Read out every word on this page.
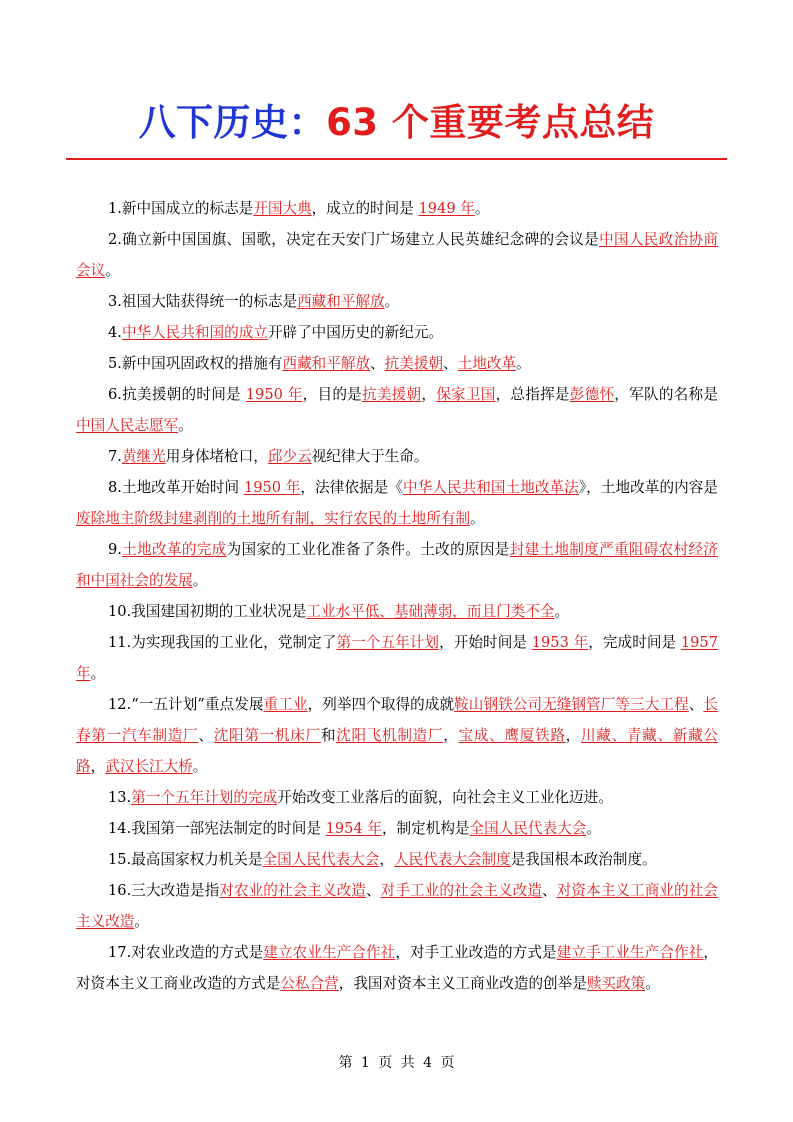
八下历史：63 个重要考点总结

1.新中国成立的标志是开国大典，成立的时间是 1949 年。

2.确立新中国国旗、国歌，决定在天安门广场建立人民英雄纪念碑的会议是中国人民政治协商会议。

3.祖国大陆获得统一的标志是西藏和平解放。

4.中华人民共和国的成立开辟了中国历史的新纪元。

5.新中国巩固政权的措施有西藏和平解放、抗美援朝、土地改革。

6.抗美援朝的时间是 1950 年，目的是抗美援朝，保家卫国，总指挥是彭德怀，军队的名称是中国人民志愿军。

7.黄继光用身体堵枪口，邱少云视纪律大于生命。

8.土地改革开始时间 1950 年，法律依据是《中华人民共和国土地改革法》，土地改革的内容是废除地主阶级封建剥削的土地所有制，实行农民的土地所有制。

9.土地改革的完成为国家的工业化准备了条件。土改的原因是封建土地制度严重阻碍农村经济和中国社会的发展。

10.我国建国初期的工业状况是工业水平低、基础薄弱，而且门类不全。

11.为实现我国的工业化，党制定了第一个五年计划，开始时间是 1953 年，完成时间是 1957 年。

12.“一五计划”重点发展重工业，列举四个取得的成就鞍山钢铁公司无缝钢管厂等三大工程、长春第一汽车制造厂、沈阳第一机床厂和沈阳飞机制造厂，宝成、鹰厦铁路，川藏、青藏、新藏公路，武汉长江大桥。

13.第一个五年计划的完成开始改变工业落后的面貌，向社会主义工业化迈进。

14.我国第一部宪法制定的时间是 1954 年，制定机构是全国人民代表大会。

15.最高国家权力机关是全国人民代表大会，人民代表大会制度是我国根本政治制度。

16.三大改造是指对农业的社会主义改造、对手工业的社会主义改造、对资本主义工商业的社会主义改造。

17.对农业改造的方式是建立农业生产合作社，对手工业改造的方式是建立手工业生产合作社，对资本主义工商业改造的方式是公私合营，我国对资本主义工商业改造的创举是赎买政策。

第 1 页 共 4 页
